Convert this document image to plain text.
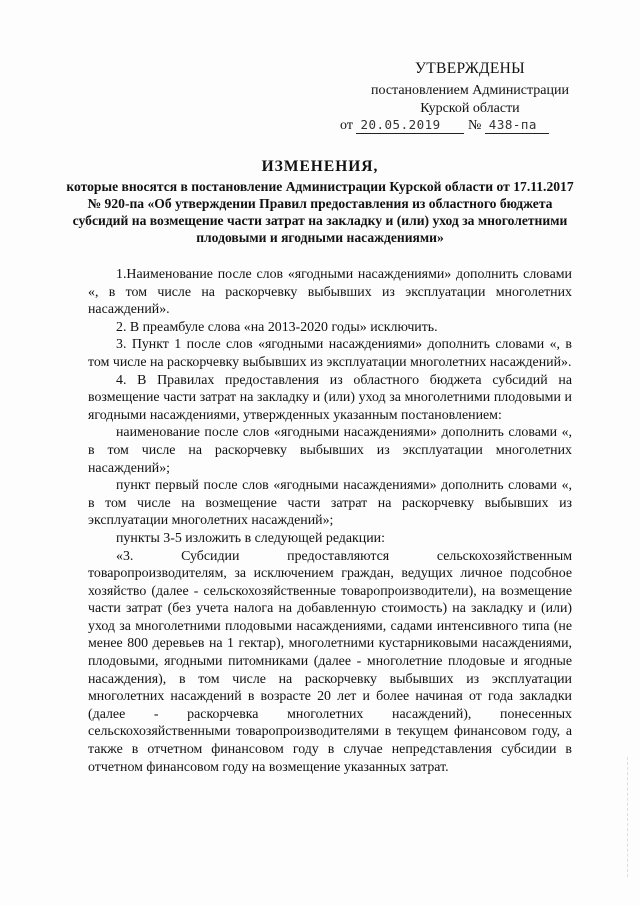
УТВЕРЖДЕНЫ
постановлением Администрации
Курской области
от 20.05.2019 № 438-па
ИЗМЕНЕНИЯ,
которые вносятся в постановление Администрации Курской области от 17.11.2017 № 920-па «Об утверждении Правил предоставления из областного бюджета субсидий на возмещение части затрат на закладку и (или) уход за многолетними плодовыми и ягодными насаждениями»

1.Наименование после слов «ягодными насаждениями» дополнить словами «, в том числе на раскорчевку выбывших из эксплуатации многолетних насаждений».

2. В преамбуле слова «на 2013-2020 годы» исключить.

3. Пункт 1 после слов «ягодными насаждениями» дополнить словами «, в том числе на раскорчевку выбывших из эксплуатации многолетних насаждений».

4. В Правилах предоставления из областного бюджета субсидий на возмещение части затрат на закладку и (или) уход за многолетними плодовыми и ягодными насаждениями, утвержденных указанным постановлением:

наименование после слов «ягодными насаждениями» дополнить словами «, в том числе на раскорчевку выбывших из эксплуатации многолетних насаждений»;

пункт первый после слов «ягодными насаждениями» дополнить словами «, в том числе на возмещение части затрат на раскорчевку выбывших из эксплуатации многолетних насаждений»;

пункты 3-5 изложить в следующей редакции:

«3. Субсидии предоставляются сельскохозяйственным товаропроизводителям, за исключением граждан, ведущих личное подсобное хозяйство (далее - сельскохозяйственные товаропроизводители), на возмещение части затрат (без учета налога на добавленную стоимость) на закладку и (или) уход за многолетними плодовыми насаждениями, садами интенсивного типа (не менее 800 деревьев на 1 гектар), многолетними кустарниковыми насаждениями, плодовыми, ягодными питомниками (далее - многолетние плодовые и ягодные насаждения), в том числе на раскорчевку выбывших из эксплуатации многолетних насаждений в возрасте 20 лет и более начиная от года закладки (далее - раскорчевка многолетних насаждений), понесенных сельскохозяйственными товаропроизводителями в текущем финансовом году, а также в отчетном финансовом году в случае непредставления субсидии в отчетном финансовом году на возмещение указанных затрат.
